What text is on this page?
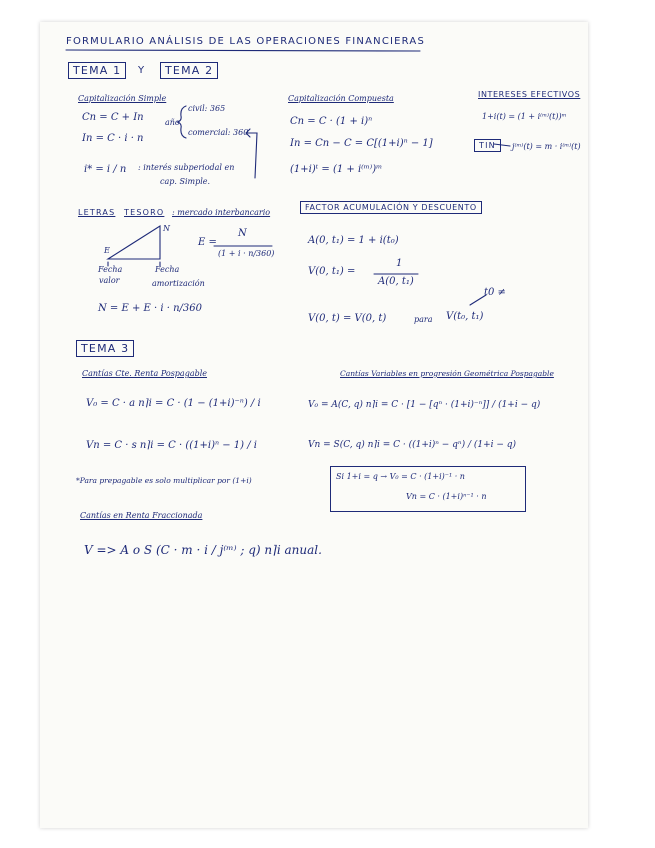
FORMULARIO ANÁLISIS DE LAS OPERACIONES FINANCIERAS
TEMA 1	Y	TEMA 2
Capitalización Simple
Cn = C + In
In = C · i · n
año
civil: 365
comercial: 360
i* = i / n : interés subperiodal en
cap. Simple.
Capitalización Compuesta
Cn = C · (1 + i)ⁿ
In = Cn − C = C[(1+i)ⁿ − 1]
(1+i)ᵗ = (1 + i⁽ᵐ⁾)ᵐ
INTERESES EFECTIVOS
1+i(t) = (1 + i⁽ᵐ⁾(t))ᵐ
TIN	j⁽ᵐ⁾(t) = m · i⁽ᵐ⁾(t)
LETRAS TESORO : mercado interbancario
N
E
Fecha
valor
Fecha
amortización
E =
N
(1 + i · n/360)
N = E + E · i · n/360
FACTOR ACUMULACIÓN Y DESCUENTO
A(0, t₁) = 1 + i(t₀)
V(0, t₁) =
1
A(0, t₁)
V(0, t) = V(0, t)	para V(t₀, t₁)
t0 ≠
TEMA 3
Cantías Cte. Renta Pospagable
V₀ = C · a n⌉i = C · (1 − (1+i)⁻ⁿ) / i
Vn = C · s n⌉i = C · ((1+i)ⁿ − 1) / i
*Para prepagable es solo multiplicar por (1+i)
Cantías Variables en progresión Geométrica Pospagable
V₀ = A(C, q) n⌉i = C · [1 − [qⁿ · (1+i)⁻ⁿ]] / (1+i − q)
Vn = S(C, q) n⌉i = C · ((1+i)ⁿ − qⁿ) / (1+i − q)
Si 1+i = q → V₀ = C · (1+i)⁻¹ · n
Vn = C · (1+i)ⁿ⁻¹ · n
Cantías en Renta Fraccionada
V => A o S (C · m · i / j⁽ᵐ⁾ ; q) n⌉i anual.
